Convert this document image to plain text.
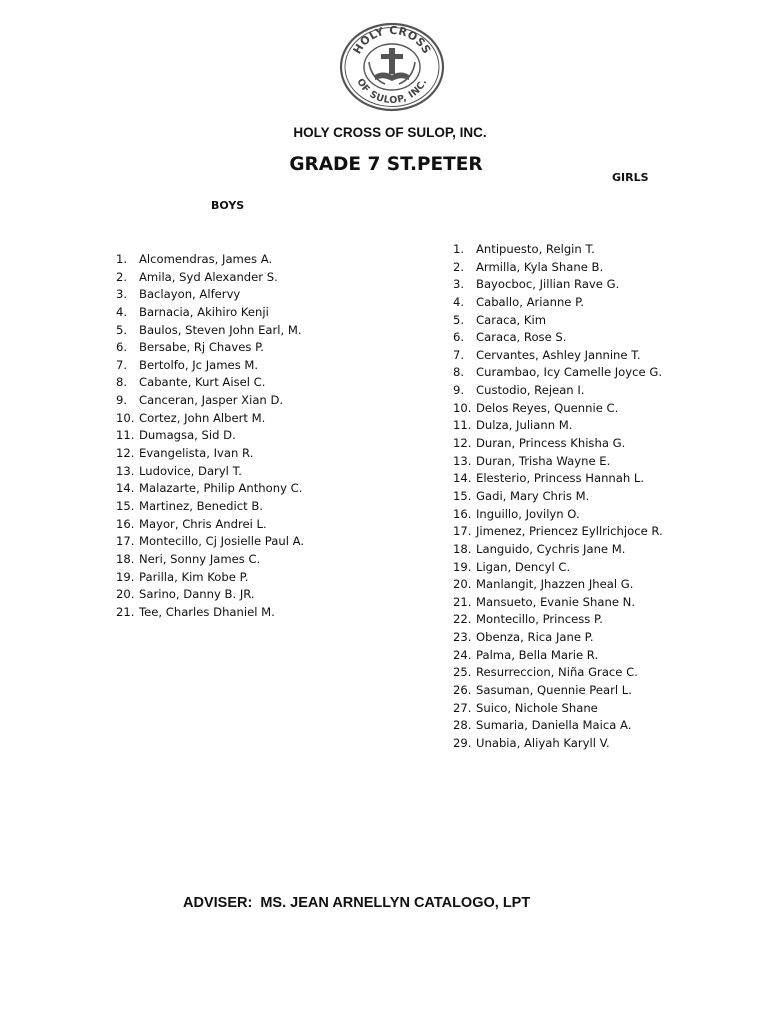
HOLY CROSS
OF SULOP, INC.
HOLY CROSS OF SULOP, INC.
GRADE 7 ST.PETER
GIRLS
BOYS
1. Alcomendras, James A.
2. Amila, Syd Alexander S.
3. Baclayon, Alfervy
4. Barnacia, Akihiro Kenji
5. Baulos, Steven John Earl, M.
6. Bersabe, Rj Chaves P.
7. Bertolfo, Jc James M.
8. Cabante, Kurt Aisel C.
9. Canceran, Jasper Xian D.
10. Cortez, John Albert M.
11. Dumagsa, Sid D.
12. Evangelista, Ivan R.
13. Ludovice, Daryl T.
14. Malazarte, Philip Anthony C.
15. Martinez, Benedict B.
16. Mayor, Chris Andrei L.
17. Montecillo, Cj Josielle Paul A.
18. Neri, Sonny James C.
19. Parilla, Kim Kobe P.
20. Sarino, Danny B. JR.
21. Tee, Charles Dhaniel M.
1. Antipuesto, Relgin T.
2. Armilla, Kyla Shane B.
3. Bayocboc, Jillian Rave G.
4. Caballo, Arianne P.
5. Caraca, Kim
6. Caraca, Rose S.
7. Cervantes, Ashley Jannine T.
8. Curambao, Icy Camelle Joyce G.
9. Custodio, Rejean I.
10. Delos Reyes, Quennie C.
11. Dulza, Juliann M.
12. Duran, Princess Khisha G.
13. Duran, Trisha Wayne E.
14. Elesterio, Princess Hannah L.
15. Gadi, Mary Chris M.
16. Inguillo, Jovilyn O.
17. Jimenez, Priencez Eyllrichjoce R.
18. Languido, Cychris Jane M.
19. Ligan, Dencyl C.
20. Manlangit, Jhazzen Jheal G.
21. Mansueto, Evanie Shane N.
22. Montecillo, Princess P.
23. Obenza, Rica Jane P.
24. Palma, Bella Marie R.
25. Resurreccion, Niña Grace C.
26. Sasuman, Quennie Pearl L.
27. Suico, Nichole Shane
28. Sumaria, Daniella Maica A.
29. Unabia, Aliyah Karyll V.
ADVISER:  MS. JEAN ARNELLYN CATALOGO, LPT
